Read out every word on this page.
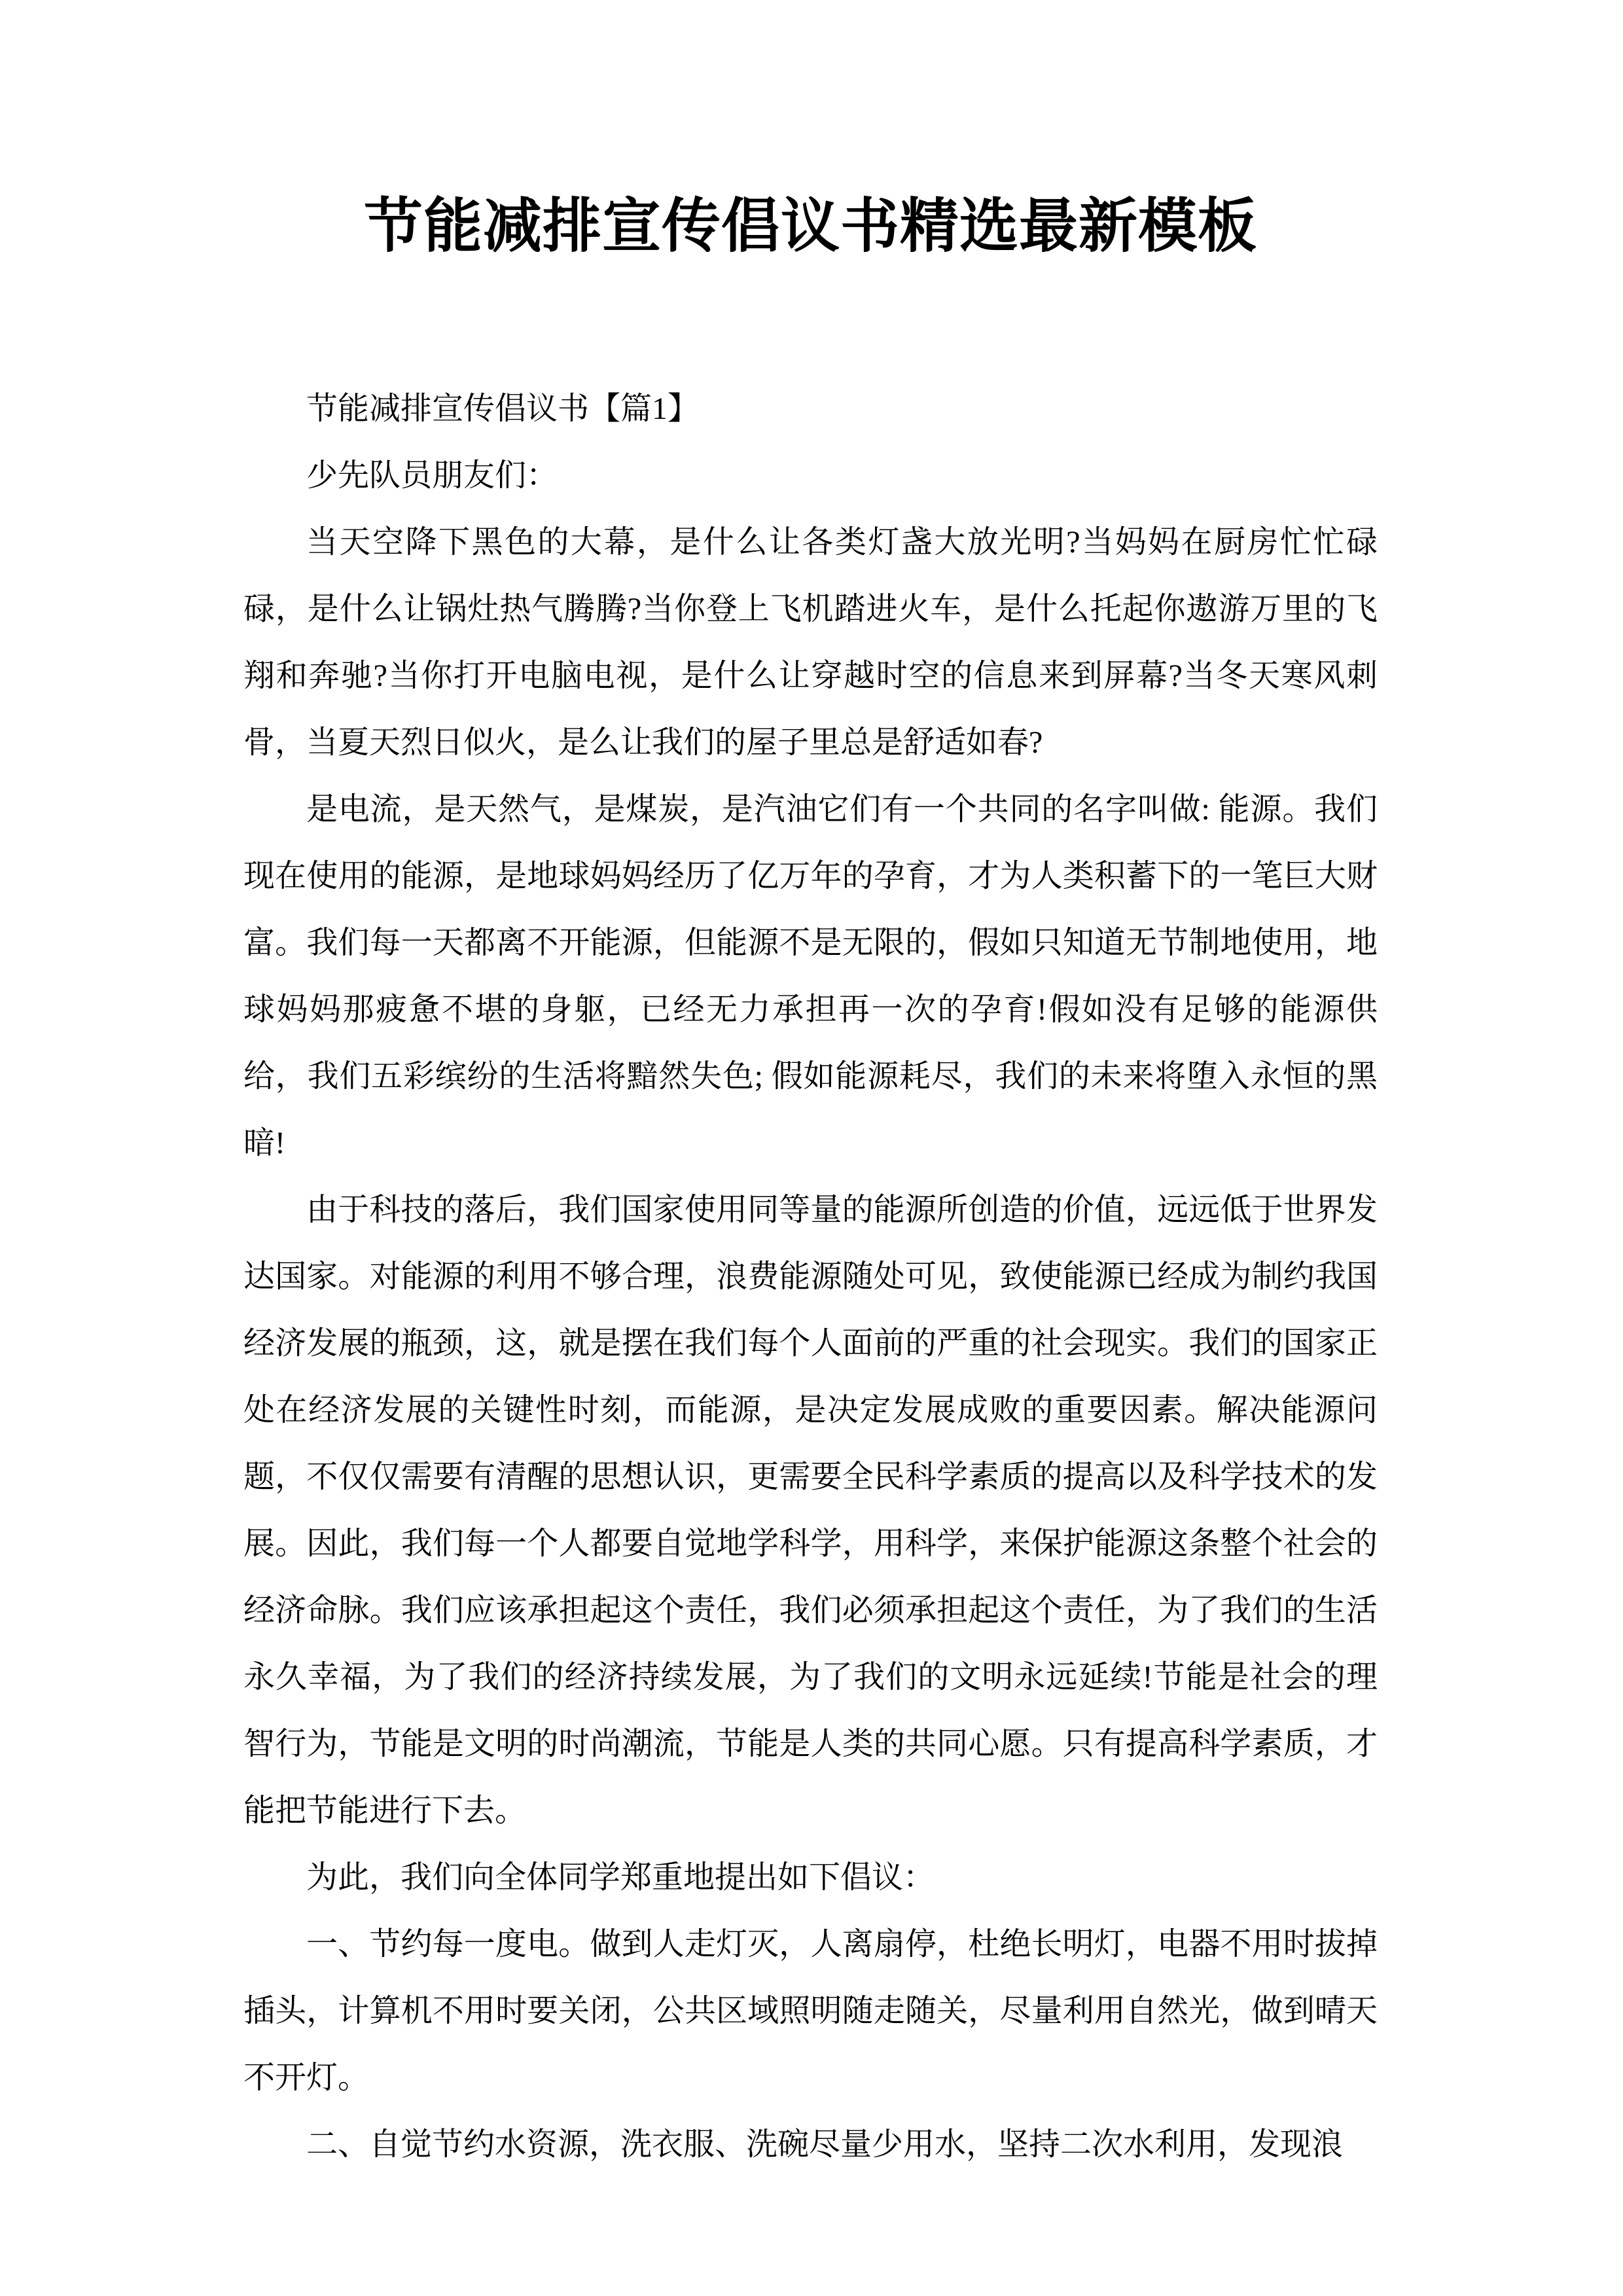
节能减排宣传倡议书精选最新模板

节能减排宣传倡议书【篇1】

少先队员朋友们：

当天空降下黑色的大幕，是什么让各类灯盏大放光明?当妈妈在厨房忙忙碌碌，是什么让锅灶热气腾腾?当你登上飞机踏进火车，是什么托起你遨游万里的飞翔和奔驰?当你打开电脑电视，是什么让穿越时空的信息来到屏幕?当冬天寒风刺骨，当夏天烈日似火，是么让我们的屋子里总是舒适如春?

是电流，是天然气，是煤炭，是汽油它们有一个共同的名字叫做: 能源。我们现在使用的能源，是地球妈妈经历了亿万年的孕育，才为人类积蓄下的一笔巨大财富。我们每一天都离不开能源，但能源不是无限的，假如只知道无节制地使用，地球妈妈那疲惫不堪的身躯，已经无力承担再一次的孕育!假如没有足够的能源供给，我们五彩缤纷的生活将黯然失色; 假如能源耗尽，我们的未来将堕入永恒的黑暗!

由于科技的落后，我们国家使用同等量的能源所创造的价值，远远低于世界发达国家。对能源的利用不够合理，浪费能源随处可见，致使能源已经成为制约我国经济发展的瓶颈，这，就是摆在我们每个人面前的严重的社会现实。我们的国家正处在经济发展的关键性时刻，而能源，是决定发展成败的重要因素。解决能源问题，不仅仅需要有清醒的思想认识，更需要全民科学素质的提高以及科学技术的发展。因此，我们每一个人都要自觉地学科学，用科学，来保护能源这条整个社会的经济命脉。我们应该承担起这个责任，我们必须承担起这个责任，为了我们的生活永久幸福，为了我们的经济持续发展，为了我们的文明永远延续!节能是社会的理智行为，节能是文明的时尚潮流，节能是人类的共同心愿。只有提高科学素质，才能把节能进行下去。

为此，我们向全体同学郑重地提出如下倡议：

一、节约每一度电。做到人走灯灭，人离扇停，杜绝长明灯，电器不用时拔掉插头，计算机不用时要关闭，公共区域照明随走随关，尽量利用自然光，做到晴天不开灯。

二、自觉节约水资源，洗衣服、洗碗尽量少用水，坚持二次水利用，发现浪
